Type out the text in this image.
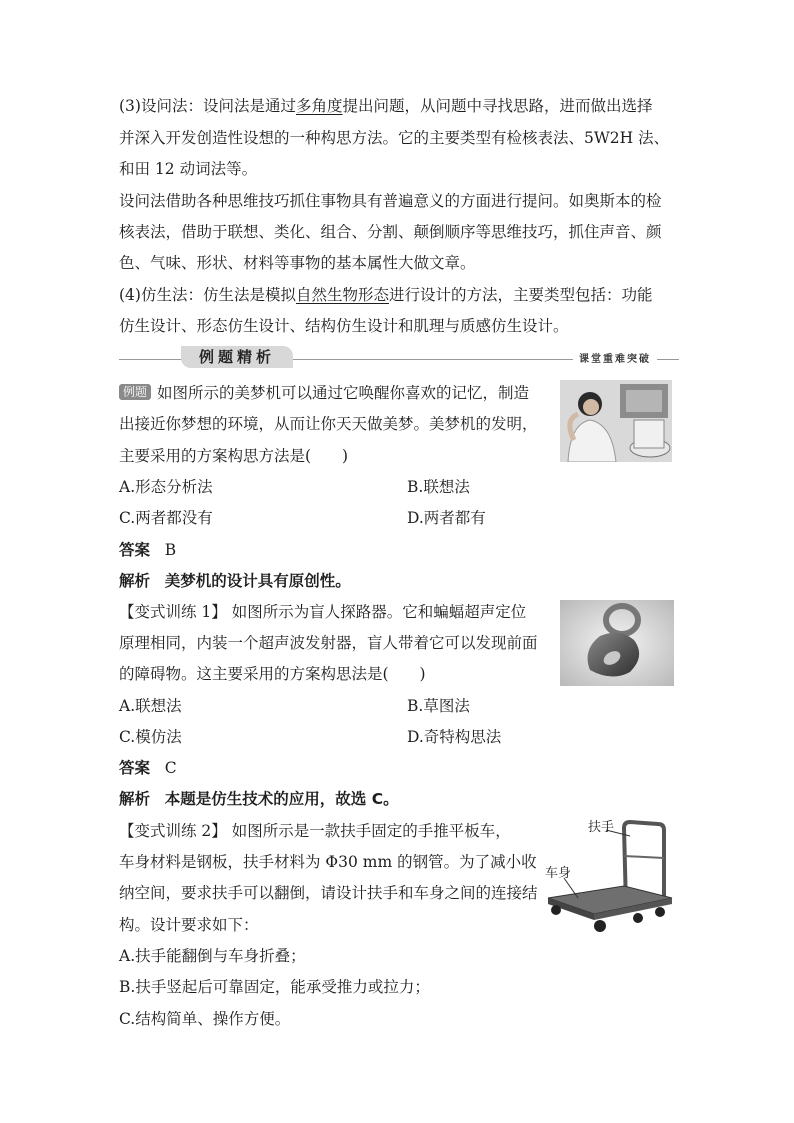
(3)设问法：设问法是通过多角度提出问题，从问题中寻找思路，进而做出选择
并深入开发创造性设想的一种构思方法。它的主要类型有检核表法、5W2H 法、
和田 12 动词法等。
设问法借助各种思维技巧抓住事物具有普遍意义的方面进行提问。如奥斯本的检
核表法，借助于联想、类化、组合、分割、颠倒顺序等思维技巧，抓住声音、颜
色、气味、形状、材料等事物的基本属性大做文章。
(4)仿生法：仿生法是模拟自然生物形态进行设计的方法，主要类型包括：功能
仿生设计、形态仿生设计、结构仿生设计和肌理与质感仿生设计。
例题精析	课堂重难突破
例题 如图所示的美梦机可以通过它唤醒你喜欢的记忆，制造
出接近你梦想的环境，从而让你天天做美梦。美梦机的发明，
主要采用的方案构思方法是(　　)
A.形态分析法	B.联想法
C.两者都没有	D.两者都有
答案 B
解析 美梦机的设计具有原创性。
【变式训练 1】 如图所示为盲人探路器。它和蝙蝠超声定位
原理相同，内装一个超声波发射器，盲人带着它可以发现前面
的障碍物。这主要采用的方案构思法是(　　)
A.联想法	B.草图法
C.模仿法	D.奇特构思法
答案 C
解析 本题是仿生技术的应用，故选 C。
【变式训练 2】 如图所示是一款扶手固定的手推平板车，
车身材料是钢板，扶手材料为 Φ30 mm 的钢管。为了减小收
纳空间，要求扶手可以翻倒，请设计扶手和车身之间的连接结
构。设计要求如下：
A.扶手能翻倒与车身折叠；
B.扶手竖起后可靠固定，能承受推力或拉力；
C.结构简单、操作方便。
扶手
车身
